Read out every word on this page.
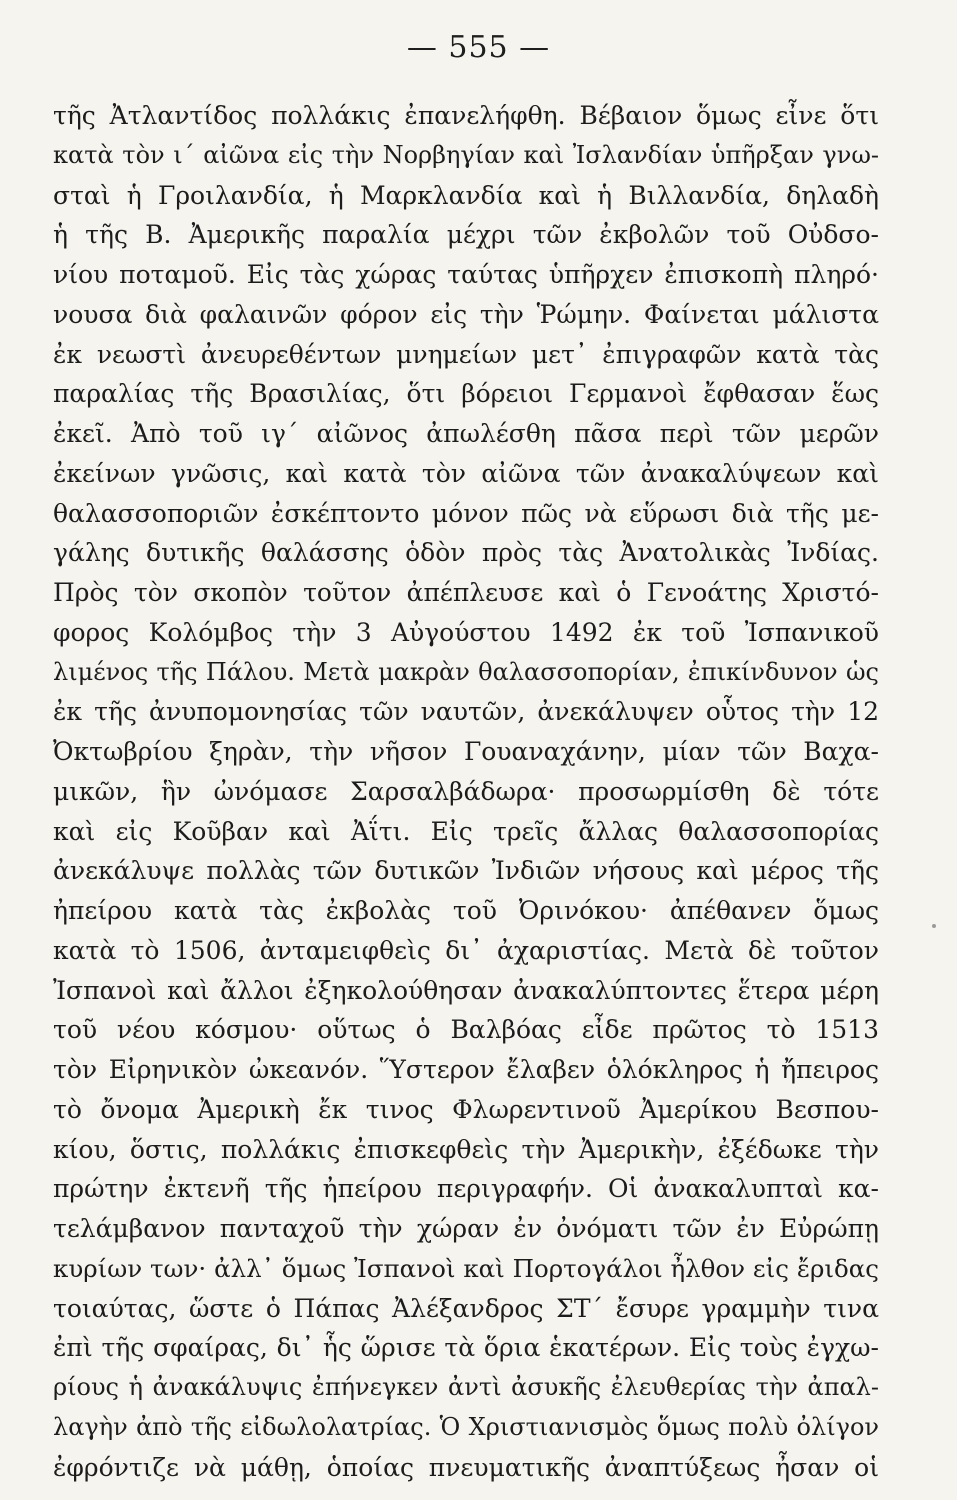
— 555 —
τῆς Ἀτλαντίδος πολλάκις ἐπανελήφθη. Βέβαιον ὅμως εἶνε ὅτι
κατὰ τὸν ι΄ αἰῶνα εἰς τὴν Νορβηγίαν καὶ Ἰσλανδίαν ὑπῆρξαν γνω-
σταὶ ἡ Γροιλανδία, ἡ Μαρκλανδία καὶ ἡ Βιλλανδία, δηλαδὴ
ἡ τῆς Β. Ἀμερικῆς παραλία μέχρι τῶν ἐκβολῶν τοῦ Οὐδσο-
νίου ποταμοῦ. Εἰς τὰς χώρας ταύτας ὑπῆρχεν ἐπισκοπὴ πληρό·
νουσα διὰ φαλαινῶν φόρον εἰς τὴν Ῥώμην. Φαίνεται μάλιστα
ἐκ νεωστὶ ἀνευρεθέντων μνημείων μετ᾽ ἐπιγραφῶν κατὰ τὰς
παραλίας τῆς Βρασιλίας, ὅτι βόρειοι Γερμανοὶ ἔφθασαν ἕως
ἐκεῖ. Ἀπὸ τοῦ ιγ΄ αἰῶνος ἀπωλέσθη πᾶσα περὶ τῶν μερῶν
ἐκείνων γνῶσις, καὶ κατὰ τὸν αἰῶνα τῶν ἀνακαλύψεων καὶ
θαλασσοποριῶν ἐσκέπτοντο μόνον πῶς νὰ εὕρωσι διὰ τῆς με-
γάλης δυτικῆς θαλάσσης ὁδὸν πρὸς τὰς Ἀνατολικὰς Ἰνδίας.
Πρὸς τὸν σκοπὸν τοῦτον ἀπέπλευσε καὶ ὁ Γενοάτης Χριστό-
φορος Κολόμβος τὴν 3 Αὐγούστου 1492 ἐκ τοῦ Ἰσπανικοῦ
λιμένος τῆς Πάλου. Μετὰ μακρὰν θαλασσοπορίαν, ἐπικίνδυνον ὡς
ἐκ τῆς ἀνυπομονησίας τῶν ναυτῶν, ἀνεκάλυψεν οὗτος τὴν 12
Ὀκτωβρίου ξηρὰν, τὴν νῆσον Γουαναχάνην, μίαν τῶν Βαχα-
μικῶν, ἣν ὠνόμασε Σαρσαλβάδωρα· προσωρμίσθη δὲ τότε
καὶ εἰς Κοῦβαν καὶ Ἀΐτι. Εἰς τρεῖς ἄλλας θαλασσοπορίας
ἀνεκάλυψε πολλὰς τῶν δυτικῶν Ἰνδιῶν νήσους καὶ μέρος τῆς
ἠπείρου κατὰ τὰς ἐκβολὰς τοῦ Ὀρινόκου· ἀπέθανεν ὅμως
κατὰ τὸ 1506, ἀνταμειφθεὶς δι᾽ ἀχαριστίας. Μετὰ δὲ τοῦτον
Ἰσπανοὶ καὶ ἄλλοι ἐξηκολούθησαν ἀνακαλύπτοντες ἕτερα μέρη
τοῦ νέου κόσμου· οὕτως ὁ Βαλβόας εἶδε πρῶτος τὸ 1513
τὸν Εἰρηνικὸν ὠκεανόν. Ὕστερον ἔλαβεν ὁλόκληρος ἡ ἤπειρος
τὸ ὄνομα Ἀμερικὴ ἔκ τινος Φλωρεντινοῦ Ἀμερίκου Βεσπου-
κίου, ὅστις, πολλάκις ἐπισκεφθεὶς τὴν Ἀμερικὴν, ἐξέδωκε τὴν
πρώτην ἐκτενῆ τῆς ἠπείρου περιγραφήν. Οἱ ἀνακαλυπταὶ κα-
τελάμβανον πανταχοῦ τὴν χώραν ἐν ὀνόματι τῶν ἐν Εὐρώπῃ
κυρίων των· ἀλλ᾽ ὅμως Ἰσπανοὶ καὶ Πορτογάλοι ἦλθον εἰς ἔριδας
τοιαύτας, ὥστε ὁ Πάπας Ἀλέξανδρος ΣΤ΄ ἔσυρε γραμμὴν τινα
ἐπὶ τῆς σφαίρας, δι᾽ ἧς ὥρισε τὰ ὅρια ἑκατέρων. Εἰς τοὺς ἐγχω-
ρίους ἡ ἀνακάλυψις ἐπήνεγκεν ἀντὶ ἀσυκῆς ἐλευθερίας τὴν ἀπαλ-
λαγὴν ἀπὸ τῆς εἰδωλολατρίας. Ὁ Χριστιανισμὸς ὅμως πολὺ ὀλίγον
ἐφρόντιζε νὰ μάθῃ, ὁποίας πνευματικῆς ἀναπτύξεως ἦσαν οἱ
